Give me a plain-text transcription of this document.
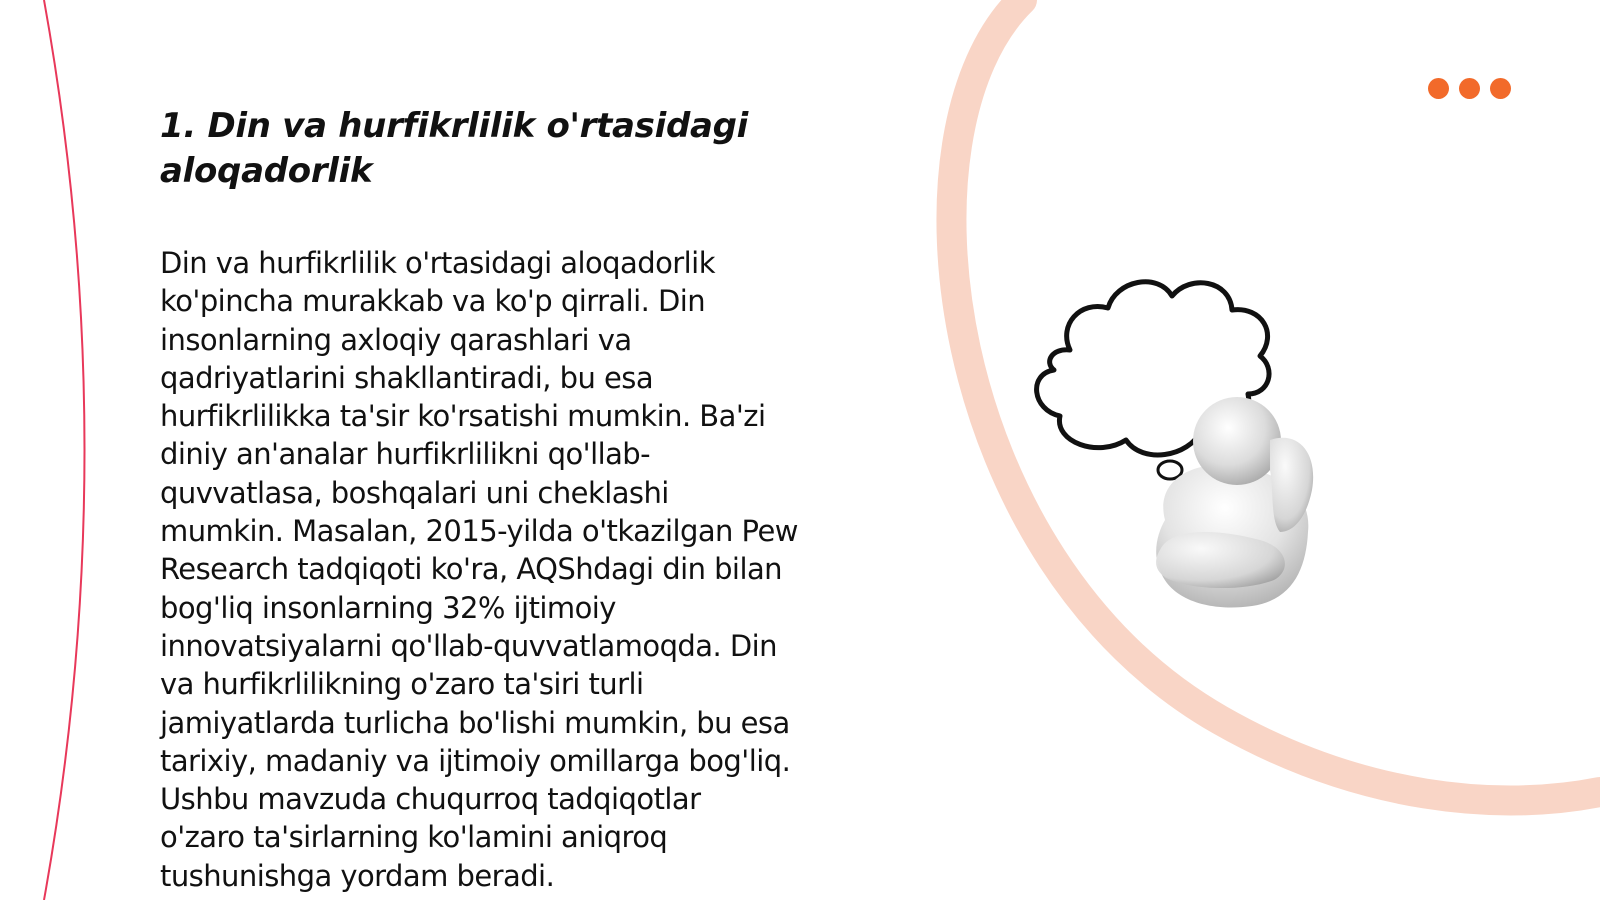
1. Din va hurfikrlilik o'rtasidagi
aloqadorlik

Din va hurfikrlilik o'rtasidagi aloqadorlik
ko'pincha murakkab va ko'p qirrali. Din
insonlarning axloqiy qarashlari va
qadriyatlarini shakllantiradi, bu esa
hurfikrlilikka ta'sir ko'rsatishi mumkin. Ba'zi
diniy an'analar hurfikrlilikni qo'llab-
quvvatlasa, boshqalari uni cheklashi
mumkin. Masalan, 2015-yilda o'tkazilgan Pew
Research tadqiqoti ko'ra, AQShdagi din bilan
bog'liq insonlarning 32% ijtimoiy
innovatsiyalarni qo'llab-quvvatlamoqda. Din
va hurfikrlilikning o'zaro ta'siri turli
jamiyatlarda turlicha bo'lishi mumkin, bu esa
tarixiy, madaniy va ijtimoiy omillarga bog'liq.
Ushbu mavzuda chuqurroq tadqiqotlar
o'zaro ta'sirlarning ko'lamini aniqroq
tushunishga yordam beradi.
